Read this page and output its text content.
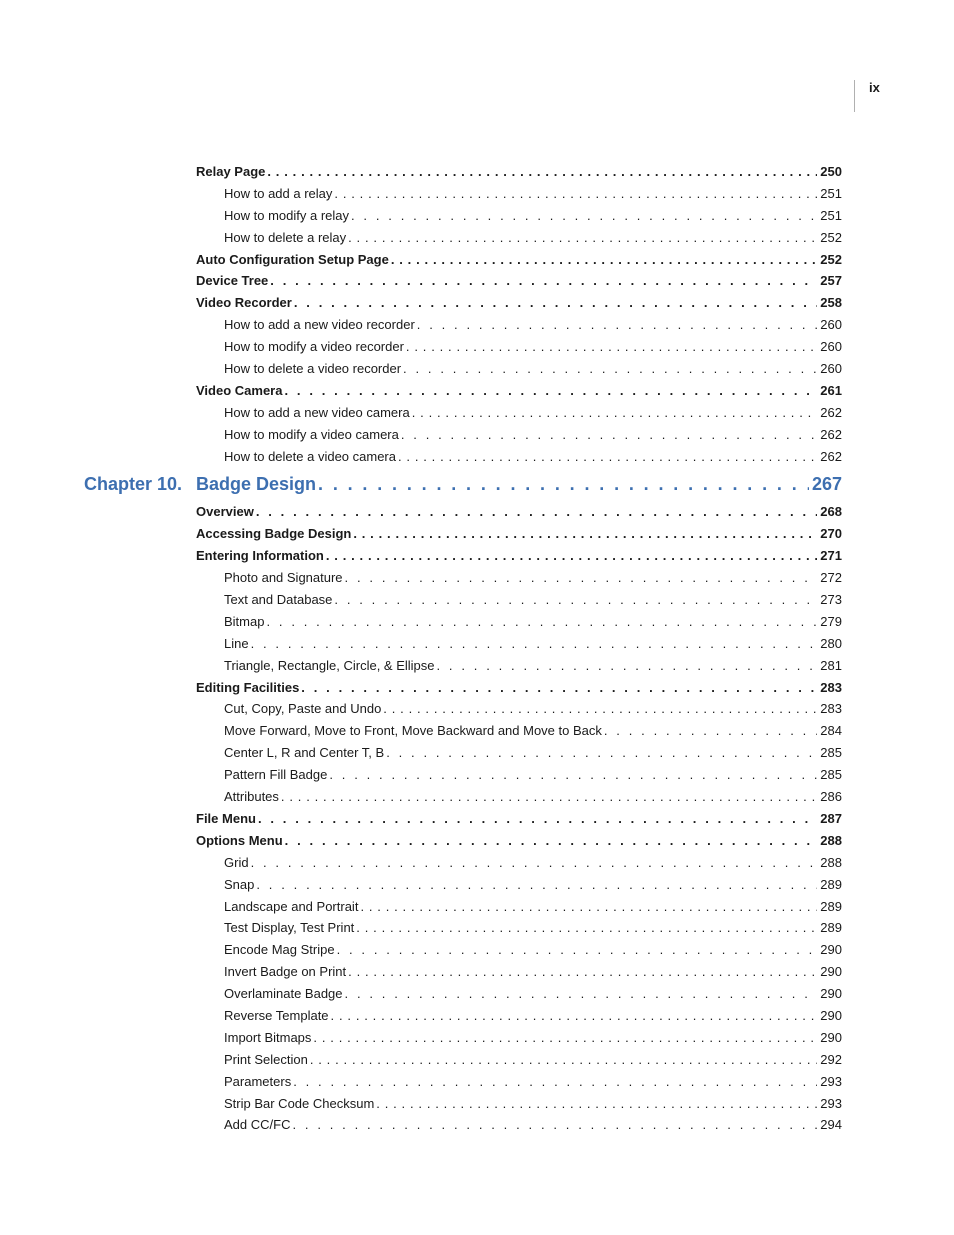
ix
Relay Page . . .	250
How to add a relay . . .	251
How to modify a relay . . .	251
How to delete a relay . . .	252
Auto Configuration Setup Page . . .	252
Device Tree . . .	257
Video Recorder . . .	258
How to add a new video recorder . . .	260
How to modify a video recorder . . .	260
How to delete a video recorder . . .	260
Video Camera . . .	261
How to add a new video camera . . .	262
How to modify a video camera . . .	262
How to delete a video camera . . .	262
Chapter 10. Badge Design . . .	267
Overview . . .	268
Accessing Badge Design . . .	270
Entering Information . . .	271
Photo and Signature . . .	272
Text and Database . . .	273
Bitmap . . .	279
Line . . .	280
Triangle, Rectangle, Circle, & Ellipse . . .	281
Editing Facilities . . .	283
Cut, Copy, Paste and Undo . . .	283
Move Forward, Move to Front, Move Backward and Move to Back . . .	284
Center L, R and Center T, B . . .	285
Pattern Fill Badge . . .	285
Attributes . . .	286
File Menu . . .	287
Options Menu . . .	288
Grid . . .	288
Snap . . .	289
Landscape and Portrait . . .	289
Test Display, Test Print . . .	289
Encode Mag Stripe . . .	290
Invert Badge on Print . . .	290
Overlaminate Badge . . .	290
Reverse Template . . .	290
Import Bitmaps . . .	290
Print Selection . . .	292
Parameters . . .	293
Strip Bar Code Checksum . . .	293
Add CC/FC . . .	294
